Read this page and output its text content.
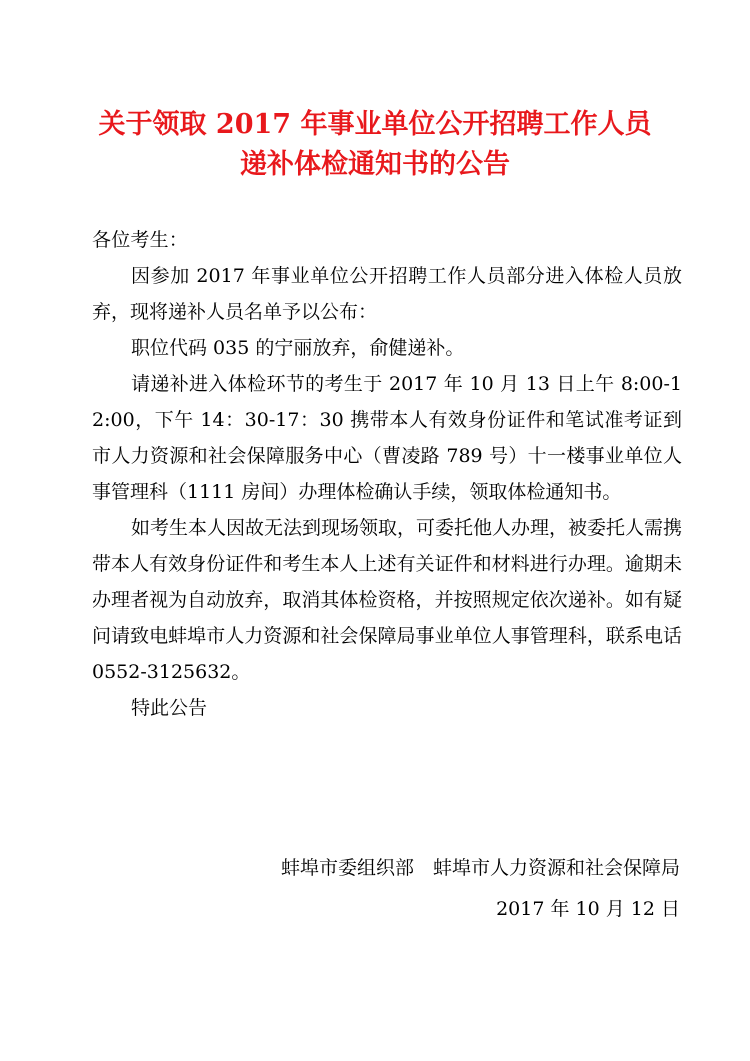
关于领取 2017 年事业单位公开招聘工作人员
递补体检通知书的公告
各位考生：

因参加 2017 年事业单位公开招聘工作人员部分进入体检人员放弃，现将递补人员名单予以公布：

职位代码 035 的宁丽放弃，俞健递补。

请递补进入体检环节的考生于 2017 年 10 月 13 日上午 8:00-12:00，下午 14：30-17：30 携带本人有效身份证件和笔试准考证到市人力资源和社会保障服务中心（曹凌路 789 号）十一楼事业单位人事管理科（1111 房间）办理体检确认手续，领取体检通知书。

如考生本人因故无法到现场领取，可委托他人办理，被委托人需携带本人有效身份证件和考生本人上述有关证件和材料进行办理。逾期未办理者视为自动放弃，取消其体检资格，并按照规定依次递补。如有疑问请致电蚌埠市人力资源和社会保障局事业单位人事管理科，联系电话 0552-3125632。

特此公告

蚌埠市委组织部　蚌埠市人力资源和社会保障局
2017 年 10 月 12 日
